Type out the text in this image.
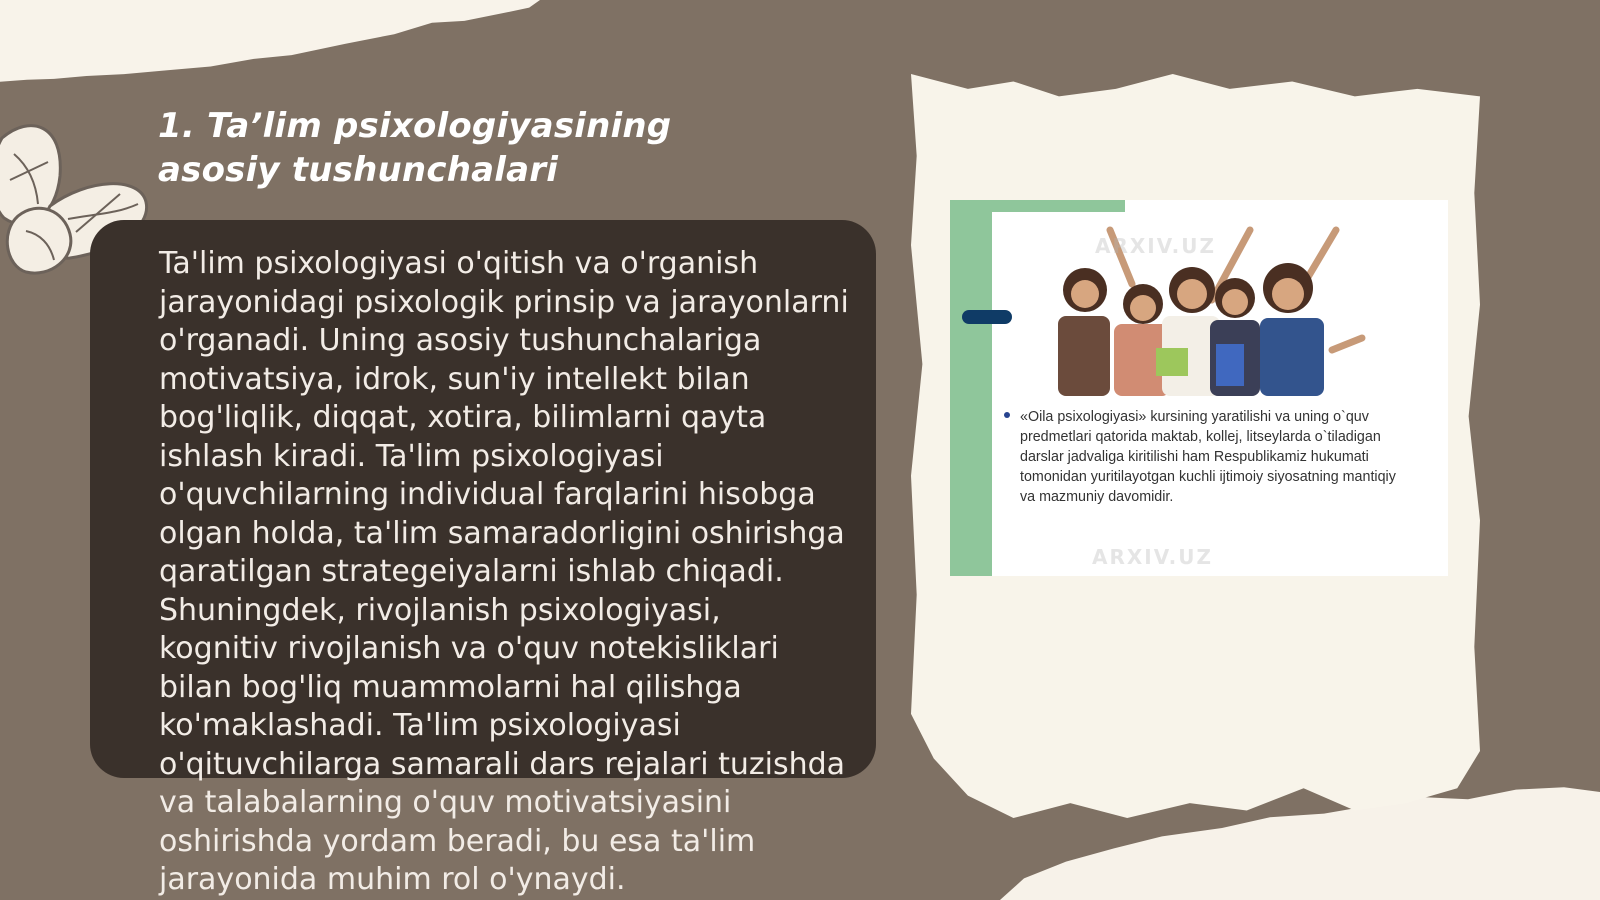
1. Ta’lim psixologiyasining asosiy tushunchalari

Ta'lim psixologiyasi o'qitish va o'rganish jarayonidagi psixologik prinsip va jarayonlarni o'rganadi. Uning asosiy tushunchalariga motivatsiya, idrok, sun'iy intellekt bilan bog'liqlik, diqqat, xotira, bilimlarni qayta ishlash kiradi. Ta'lim psixologiyasi o'quvchilarning individual farqlarini hisobga olgan holda, ta'lim samaradorligini oshirishga qaratilgan strategeiyalarni ishlab chiqadi. Shuningdek, rivojlanish psixologiyasi, kognitiv rivojlanish va o'quv notekisliklari bilan bog'liq muammolarni hal qilishga ko'maklashadi. Ta'lim psixologiyasi o'qituvchilarga samarali dars rejalari tuzishda va talabalarning o'quv motivatsiyasini oshirishda yordam beradi, bu esa ta'lim jarayonida muhim rol o'ynaydi.

ARXIV.UZ

«Oila psixologiyasi» kursining yaratilishi va uning o`quv predmetlari qatorida maktab, kollej, litseylarda o`tiladigan darslar jadvaliga kiritilishi ham Respublikamiz hukumati tomonidan yuritilayotgan kuchli ijtimoiy siyosatning mantiqiy va mazmuniy davomidir.

ARXIV.UZ
